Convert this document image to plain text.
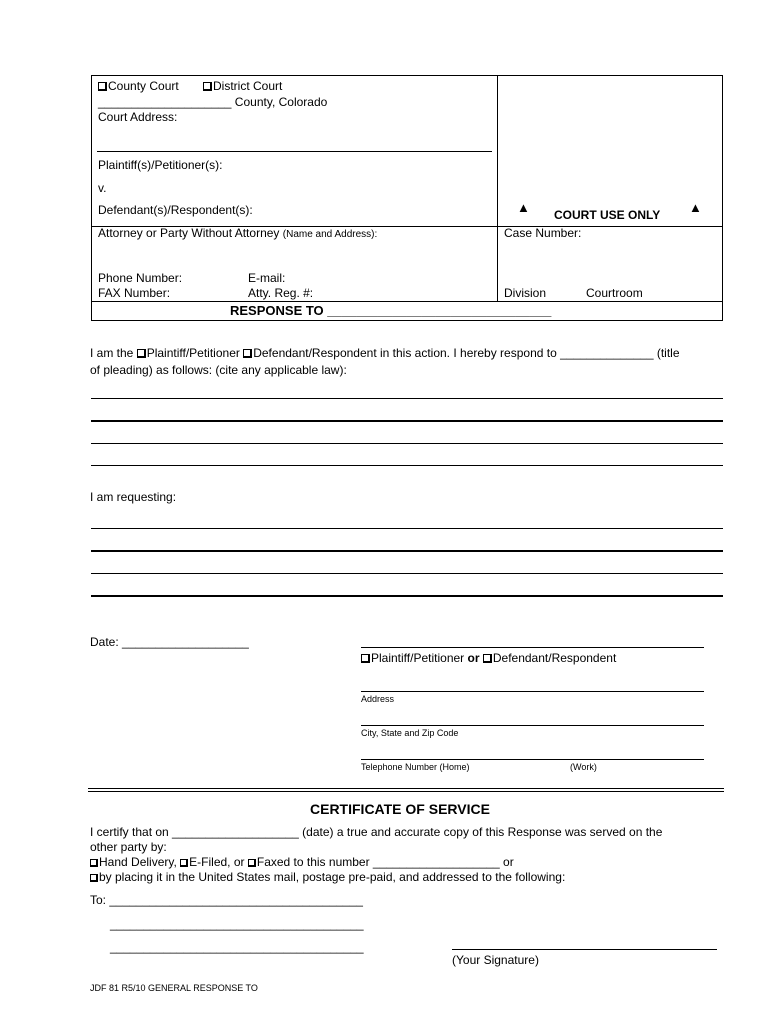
County Court	District Court
____________________ County, Colorado
Court Address:
Plaintiff(s)/Petitioner(s):
v.
Defendant(s)/Respondent(s):	▲ COURT USE ONLY ▲
Attorney or Party Without Attorney (Name and Address):	Case Number:
Phone Number:	E-mail:
FAX Number:	Atty. Reg. #:	Division	Courtroom
RESPONSE TO _______________________________
I am the Plaintiff/Petitioner Defendant/Respondent in this action. I hereby respond to ______________ (title
of pleading) as follows: (cite any applicable law):
I am requesting:
Date: ___________________
Plaintiff/Petitioner or Defendant/Respondent
Address
City, State and Zip Code
Telephone Number (Home)	(Work)
CERTIFICATE OF SERVICE
I certify that on ___________________ (date) a true and accurate copy of this Response was served on the
other party by:
Hand Delivery, E-Filed, or Faxed to this number ___________________ or
by placing it in the United States mail, postage pre-paid, and addressed to the following:
To: ______________________________________
______________________________________
______________________________________
(Your Signature)
JDF 81 R5/10 GENERAL RESPONSE TO
